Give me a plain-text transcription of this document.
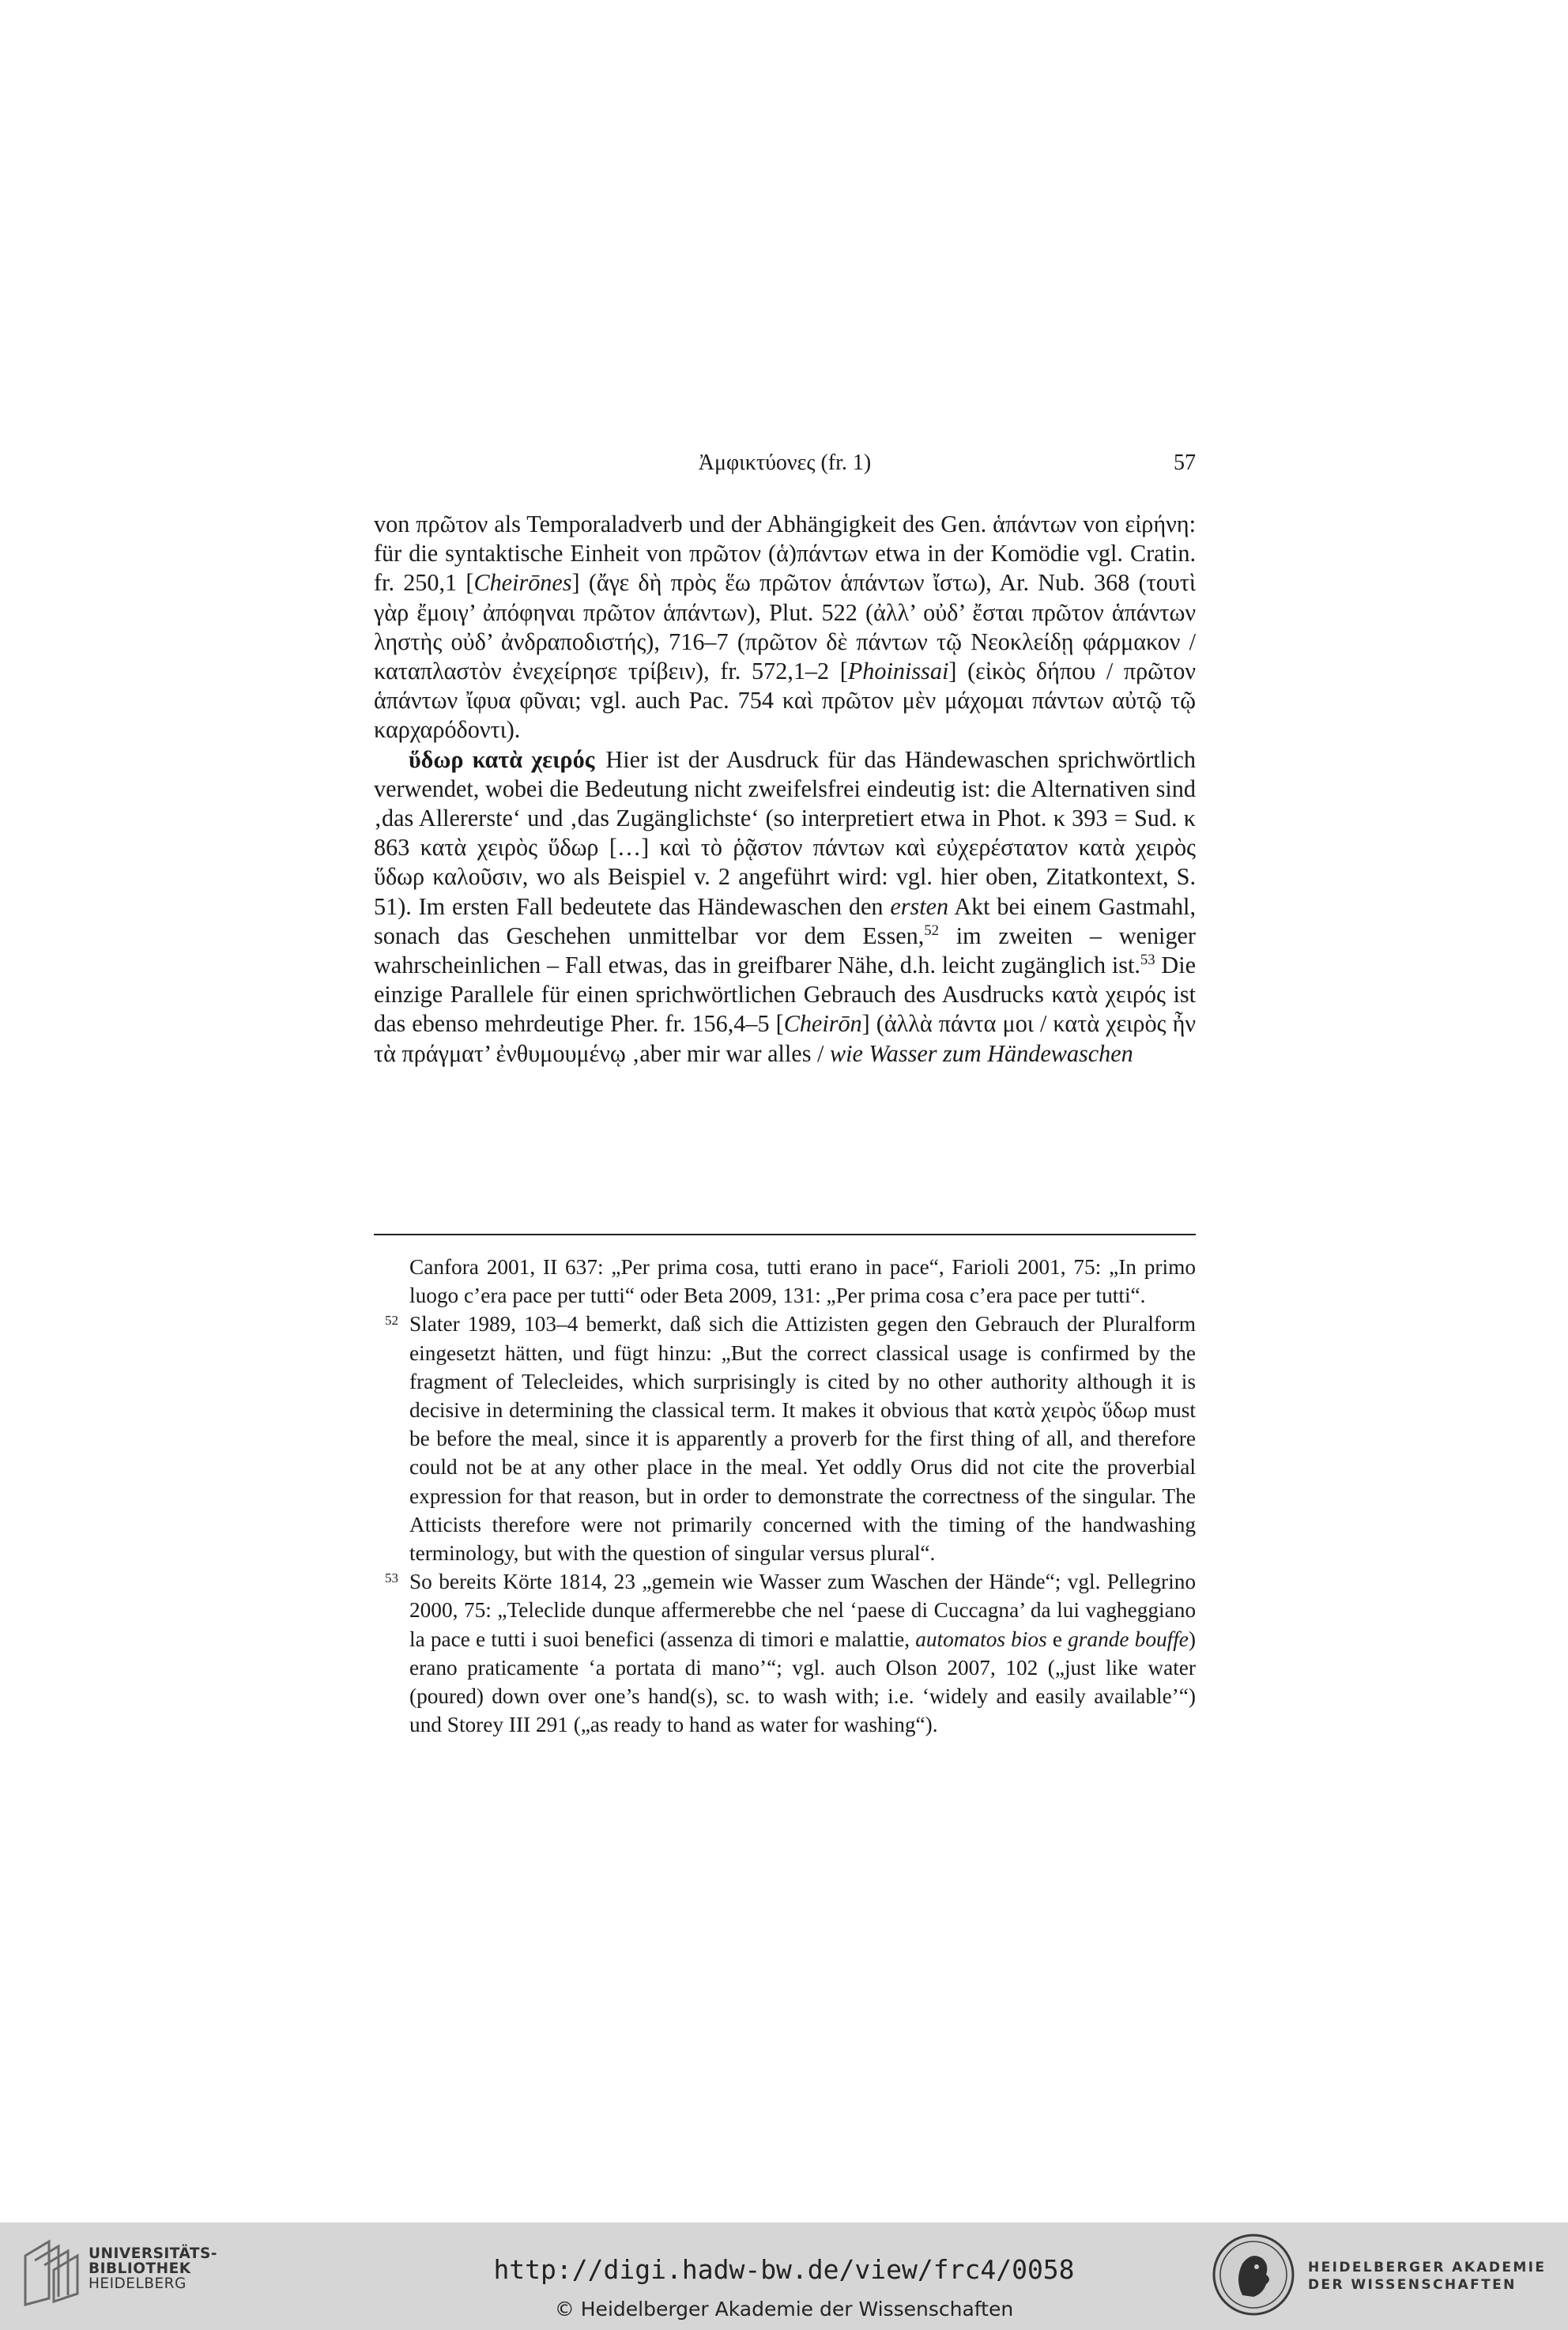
Ἀμφικτύονες (fr. 1)	57

von πρῶτον als Temporaladverb und der Abhängigkeit des Gen. ἁπάντων von εἰρήνη: für die syntaktische Einheit von πρῶτον (ἁ)πάντων etwa in der Komödie vgl. Cratin. fr. 250,1 [Cheirōnes] (ἄγε δὴ πρὸς ἕω πρῶτον ἁπάντων ἴστω), Ar. Nub. 368 (τουτὶ γὰρ ἔμοιγ’ ἀπόφηναι πρῶτον ἁπάντων), Plut. 522 (ἀλλ’ οὐδ’ ἔσται πρῶτον ἁπάντων ληστὴς οὐδ’ ἀνδραποδιστής), 716–7 (πρῶτον δὲ πάντων τῷ Νεοκλείδῃ φάρμακον / καταπλαστὸν ἐνεχείρησε τρίβειν), fr. 572,1–2 [Phoinissai] (εἰκὸς δήπου / πρῶτον ἁπάντων ἴφυα φῦναι; vgl. auch Pac. 754 καὶ πρῶτον μὲν μάχομαι πάντων αὐτῷ τῷ καρχαρόδοντι).

ὕδωρ κατὰ χειρός Hier ist der Ausdruck für das Händewaschen sprichwörtlich verwendet, wobei die Bedeutung nicht zweifelsfrei eindeutig ist: die Alternativen sind ‚das Allererste‘ und ‚das Zugänglichste‘ (so interpretiert etwa in Phot. κ 393 = Sud. κ 863 κατὰ χειρὸς ὕδωρ […] καὶ τὸ ῥᾷστον πάντων καὶ εὐχερέστατον κατὰ χειρὸς ὕδωρ καλοῦσιν, wo als Beispiel v. 2 angeführt wird: vgl. hier oben, Zitatkontext, S. 51). Im ersten Fall bedeutete das Händewaschen den ersten Akt bei einem Gastmahl, sonach das Geschehen unmittelbar vor dem Essen,$^{52}$ im zweiten – weniger wahrscheinlichen – Fall etwas, das in greifbarer Nähe, d.h. leicht zugänglich ist.$^{53}$ Die einzige Parallele für einen sprichwörtlichen Gebrauch des Ausdrucks κατὰ χειρός ist das ebenso mehrdeutige Pher. fr. 156,4–5 [Cheirōn] (ἀλλὰ πάντα μοι / κατὰ χειρὸς ἦν τὰ πράγματ’ ἐνθυμουμένῳ ‚aber mir war alles / wie Wasser zum Händewaschen

Canfora 2001, II 637: „Per prima cosa, tutti erano in pace“, Farioli 2001, 75: „In primo luogo c’era pace per tutti“ oder Beta 2009, 131: „Per prima cosa c’era pace per tutti“.

52 Slater 1989, 103–4 bemerkt, daß sich die Attizisten gegen den Gebrauch der Pluralform eingesetzt hätten, und fügt hinzu: „But the correct classical usage is confirmed by the fragment of Telecleides, which surprisingly is cited by no other authority although it is decisive in determining the classical term. It makes it obvious that κατὰ χειρὸς ὕδωρ must be before the meal, since it is apparently a proverb for the first thing of all, and therefore could not be at any other place in the meal. Yet oddly Orus did not cite the proverbial expression for that reason, but in order to demonstrate the correctness of the singular. The Atticists therefore were not primarily concerned with the timing of the handwashing terminology, but with the question of singular versus plural“.

53 So bereits Körte 1814, 23 „gemein wie Wasser zum Waschen der Hände“; vgl. Pellegrino 2000, 75: „Teleclide dunque affermerebbe che nel ‘paese di Cuccagna’ da lui vagheggiano la pace e tutti i suoi benefici (assenza di timori e malattie, automatos bios e grande bouffe) erano praticamente ‘a portata di mano’“; vgl. auch Olson 2007, 102 („just like water (poured) down over one’s hand(s), sc. to wash with; i.e. ‘widely and easily available’“) und Storey III 291 („as ready to hand as water for washing“).

UNIVERSITÄTS-
BIBLIOTHEK
HEIDELBERG	http://digi.hadw-bw.de/view/frc4/0058
© Heidelberger Akademie der Wissenschaften
HEIDELBERGER AKADEMIE
DER WISSENSCHAFTEN
